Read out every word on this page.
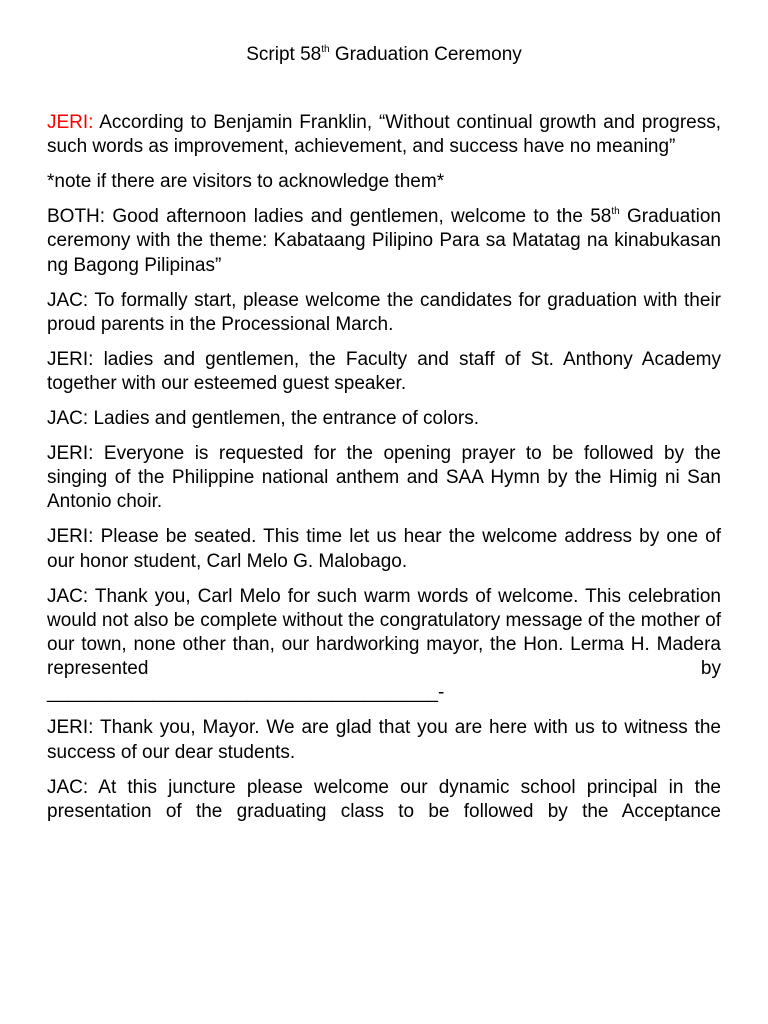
Script 58th Graduation Ceremony

JERI: According to Benjamin Franklin, “Without continual growth and progress, such words as improvement, achievement, and success have no meaning”

*note if there are visitors to acknowledge them*

BOTH: Good afternoon ladies and gentlemen, welcome to the 58th Graduation ceremony with the theme: Kabataang Pilipino Para sa Matatag na kinabukasan ng Bagong Pilipinas”

JAC: To formally start, please welcome the candidates for graduation with their proud parents in the Processional March.

JERI: ladies and gentlemen, the Faculty and staff of St. Anthony Academy together with our esteemed guest speaker.

JAC: Ladies and gentlemen, the entrance of colors.

JERI: Everyone is requested for the opening prayer to be followed by the singing of the Philippine national anthem and SAA Hymn by the Himig ni San Antonio choir.

JERI: Please be seated. This time let us hear the welcome address by one of our honor student, Carl Melo G. Malobago.

JAC: Thank you, Carl Melo for such warm words of welcome. This celebration would not also be complete without the congratulatory message of the mother of our town, none other than, our hardworking mayor, the Hon. Lerma H. Madera represented by
_____________________________________-

JERI: Thank you, Mayor. We are glad that you are here with us to witness the success of our dear students.

JAC: At this juncture please welcome our dynamic school principal in the presentation of the graduating class to be followed by the Acceptance
